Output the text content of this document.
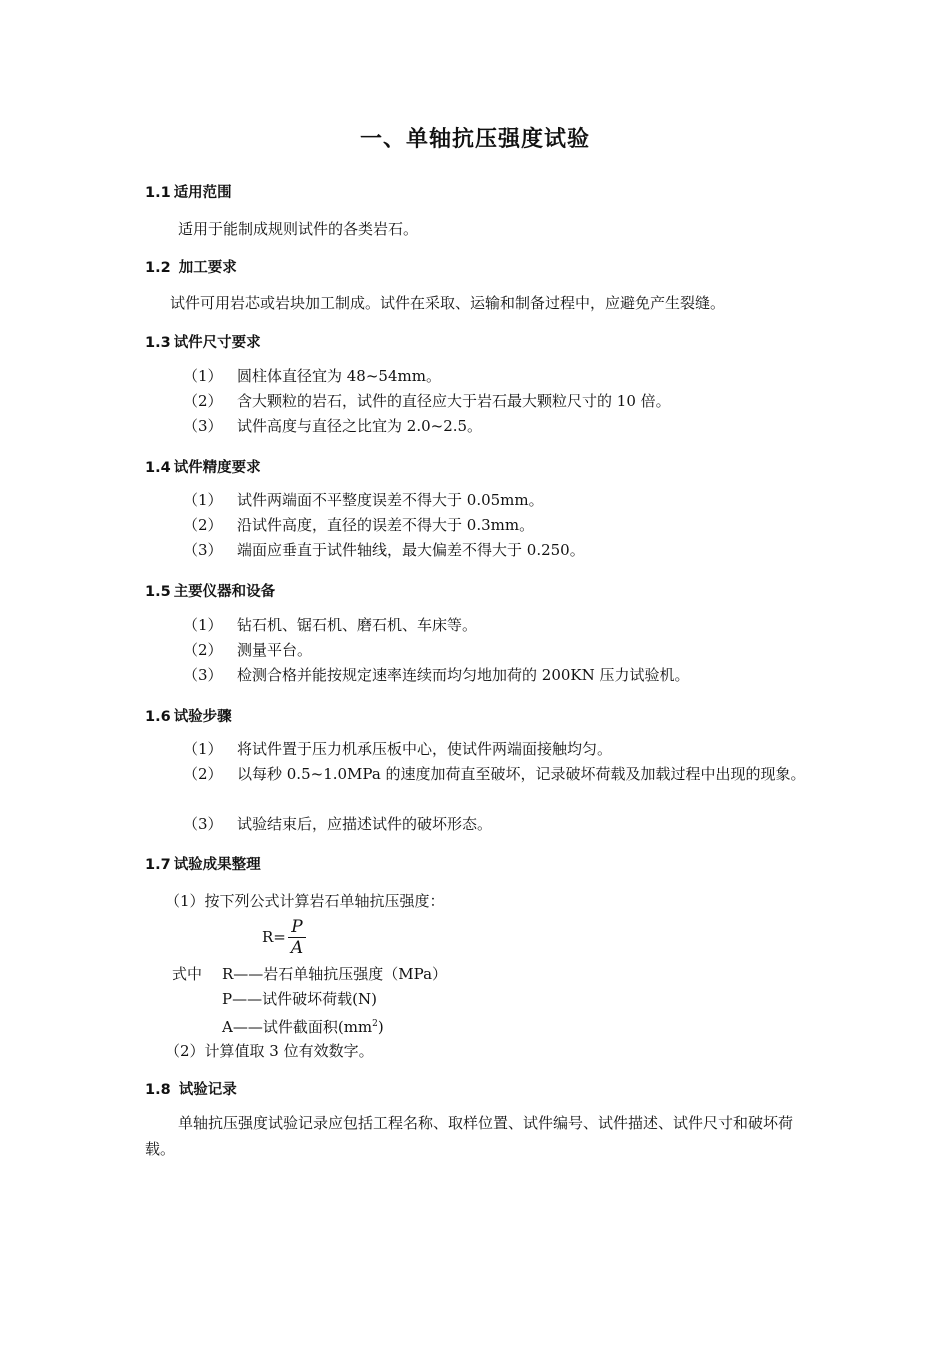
一、单轴抗压强度试验
1.1 适用范围

适用于能制成规则试件的各类岩石。

1.2 加工要求

试件可用岩芯或岩块加工制成。试件在采取、运输和制备过程中，应避免产生裂缝。

1.3 试件尺寸要求
（1） 圆柱体直径宜为 48~54mm。
（2） 含大颗粒的岩石，试件的直径应大于岩石最大颗粒尺寸的 10 倍。
（3） 试件高度与直径之比宜为 2.0~2.5。
1.4 试件精度要求
（1） 试件两端面不平整度误差不得大于 0.05mm。
（2） 沿试件高度，直径的误差不得大于 0.3mm。
（3） 端面应垂直于试件轴线，最大偏差不得大于 0.250。
1.5 主要仪器和设备
（1） 钻石机、锯石机、磨石机、车床等。
（2） 测量平台。
（3） 检测合格并能按规定速率连续而均匀地加荷的 200KN 压力试验机。
1.6 试验步骤
（1） 将试件置于压力机承压板中心，使试件两端面接触均匀。
（2） 以每秒 0.5~1.0MPa 的速度加荷直至破坏，记录破坏荷载及加载过程中出现的现象。
（3） 试验结束后，应描述试件的破坏形态。
1.7 试验成果整理

（1）按下列公式计算岩石单轴抗压强度：

$R= \frac{P}{A}$
式中 R——岩石单轴抗压强度（MPa）
P——试件破坏荷载(N)
A——试件截面积$(mm^2)$

（2）计算值取 3 位有效数字。

1.8 试验记录

单轴抗压强度试验记录应包括工程名称、取样位置、试件编号、试件描述、试件尺寸和破坏荷载。
